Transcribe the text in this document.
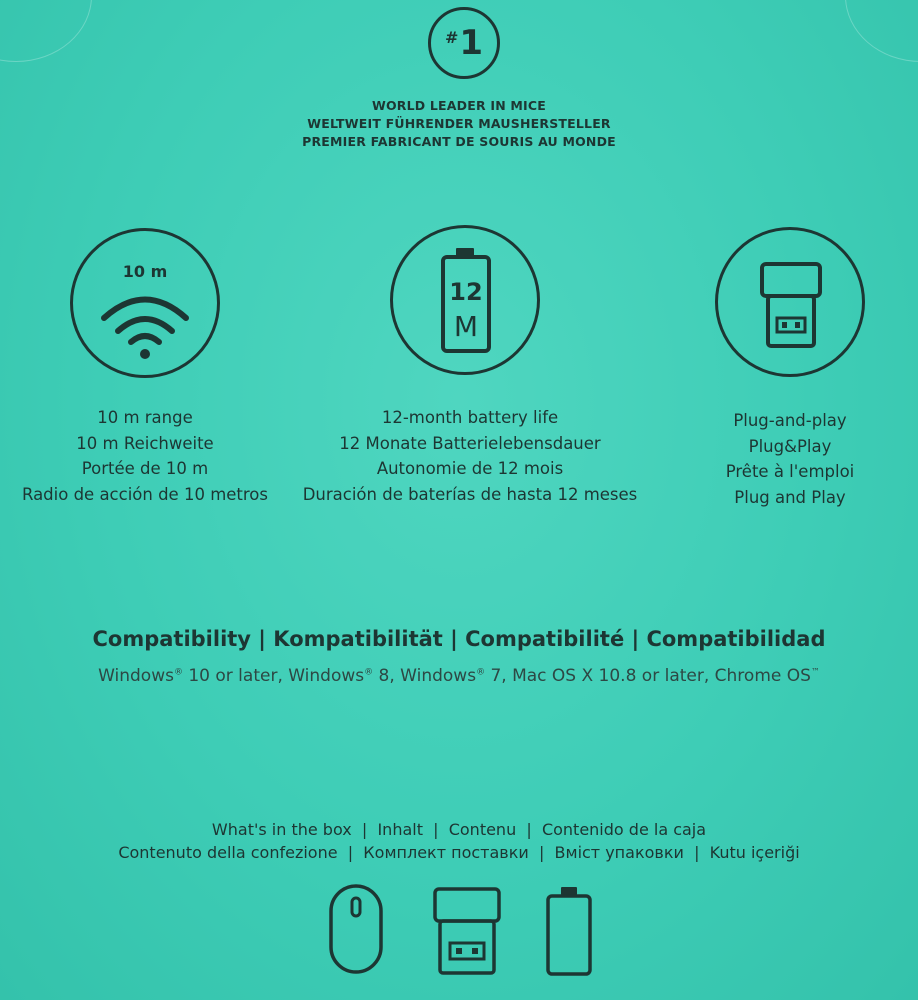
# 1
WORLD LEADER IN MICE
WELTWEIT FÜHRENDER MAUSHERSTELLER
PREMIER FABRICANT DE SOURIS AU MONDE
10 m
10 m range
10 m Reichweite
Portée de 10 m
Radio de acción de 10 metros
12
M
12-month battery life
12 Monate Batterielebensdauer
Autonomie de 12 mois
Duración de baterías de hasta 12 meses
Plug-and-play
Plug&Play
Prête à l'emploi
Plug and Play
Compatibility | Kompatibilität | Compatibilité | Compatibilidad
Windows® 10 or later, Windows® 8, Windows® 7, Mac OS X 10.8 or later, Chrome OS™
What's in the box  |  Inhalt  |  Contenu  |  Contenido de la caja
Contenuto della confezione  |  Комплект поставки  |  Вміст упаковки  |  Kutu içeriği
